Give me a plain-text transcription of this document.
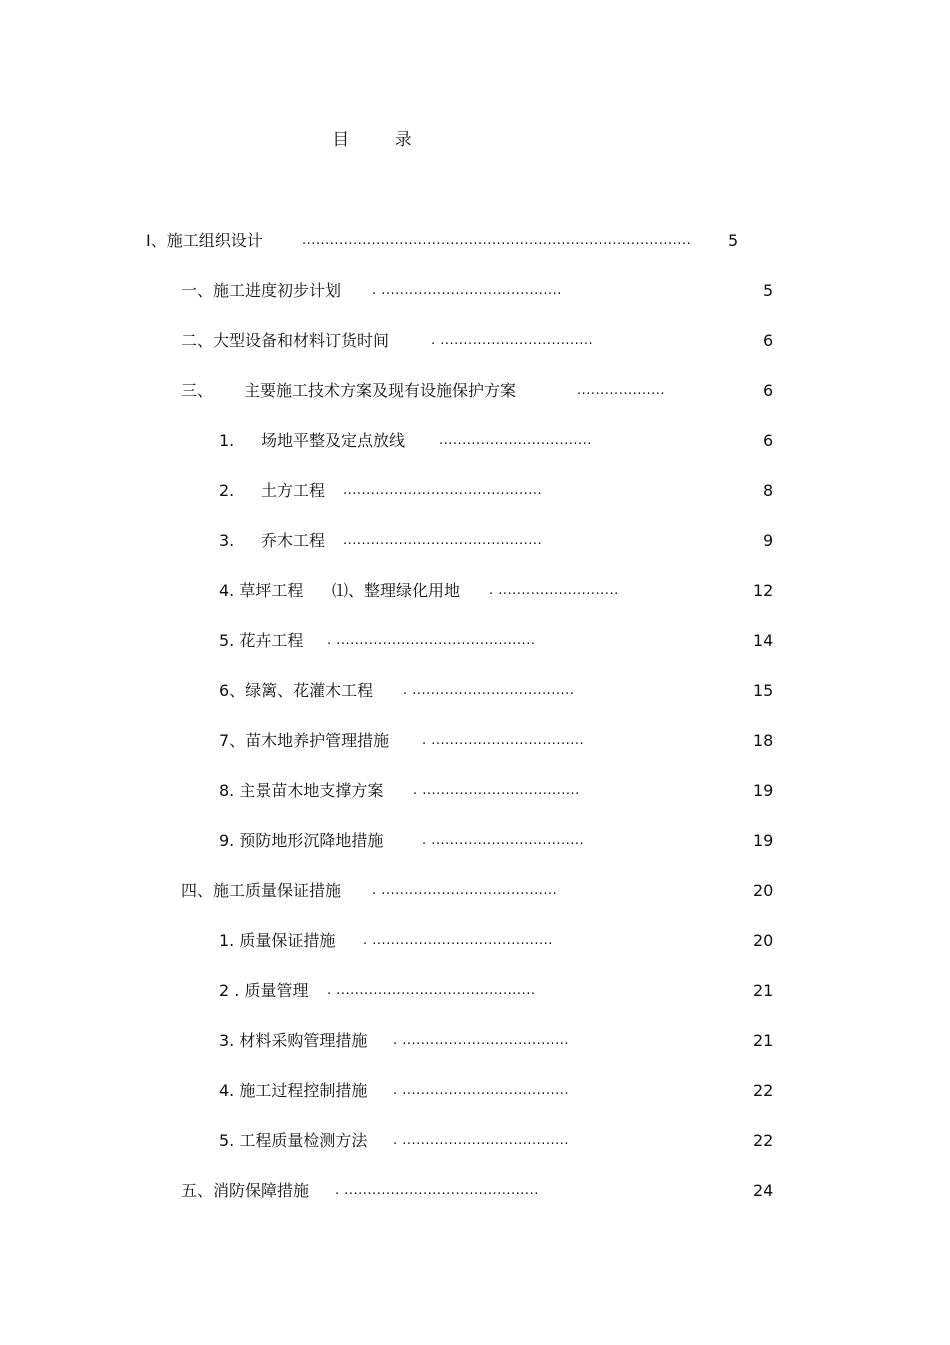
目 录
Ⅰ、施工组织设计	.................................................................................... 5
一、施工进度初步计划 . .......................................	5
二、大型设备和材料订货时间	. .................................	6
三、 主要施工技术方案及现有设施保护方案	...................	6
1. 场地平整及定点放线	.................................	6
2. 土方工程 ...........................................	8
3. 乔木工程 ...........................................	9
4. 草坪工程 ⑴、整理绿化用地 . ..........................	12
5. 花卉工程 . ...........................................	14
6、绿篱、花灌木工程 . ...................................	15
7、苗木地养护管理措施	. .................................	18
8. 主景苗木地支撑方案 . ..................................	19
9. 预防地形沉降地措施	. .................................	19
四、施工质量保证措施 . ......................................	20
1. 质量保证措施 . .......................................	20
2 . 质量管理 . ...........................................	21
3. 材料采购管理措施 . ....................................	21
4. 施工过程控制措施 . ....................................	22
5. 工程质量检测方法 . ....................................	22
五、消防保障措施 . ..........................................	24
